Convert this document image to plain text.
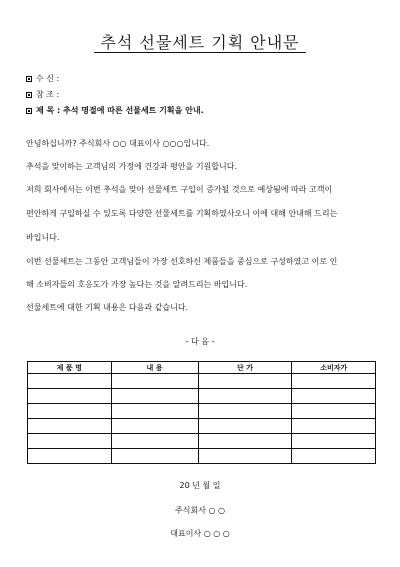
추석 선물세트 기획 안내문
수 신 :
참 조 :
제 목 : 추석 명절에 따른 선물세트 기획을 안내.
안녕하십니까? 주식회사 ○○ 대표이사 ○○○입니다.
추석을 맞이하는 고객님의 가정에 건강과 평안을 기원합니다.
저희 회사에서는 이번 추석을 맞아 선물세트 구입이 증가될 것으로 예상됨에 따라 고객이
편안하게 구입하실 수 있도록 다양한 선물세트를 기획하였사오니 이에 대해 안내해 드리는
바입니다.
이번 선물세트는 그동안 고객님들이 가장 선호하신 제품들을 중심으로 구성하였고 이로 인
해 소비자들의 호응도가 가장 높다는 것을 알려드리는 바입니다.
선물세트에 대한 기획 내용은 다음과 같습니다.
- 다 음 -
제 품 명	내 용	단 가	소비자가

20 년 월 일
주식회사 ○ ○
대표이사 ○ ○ ○
